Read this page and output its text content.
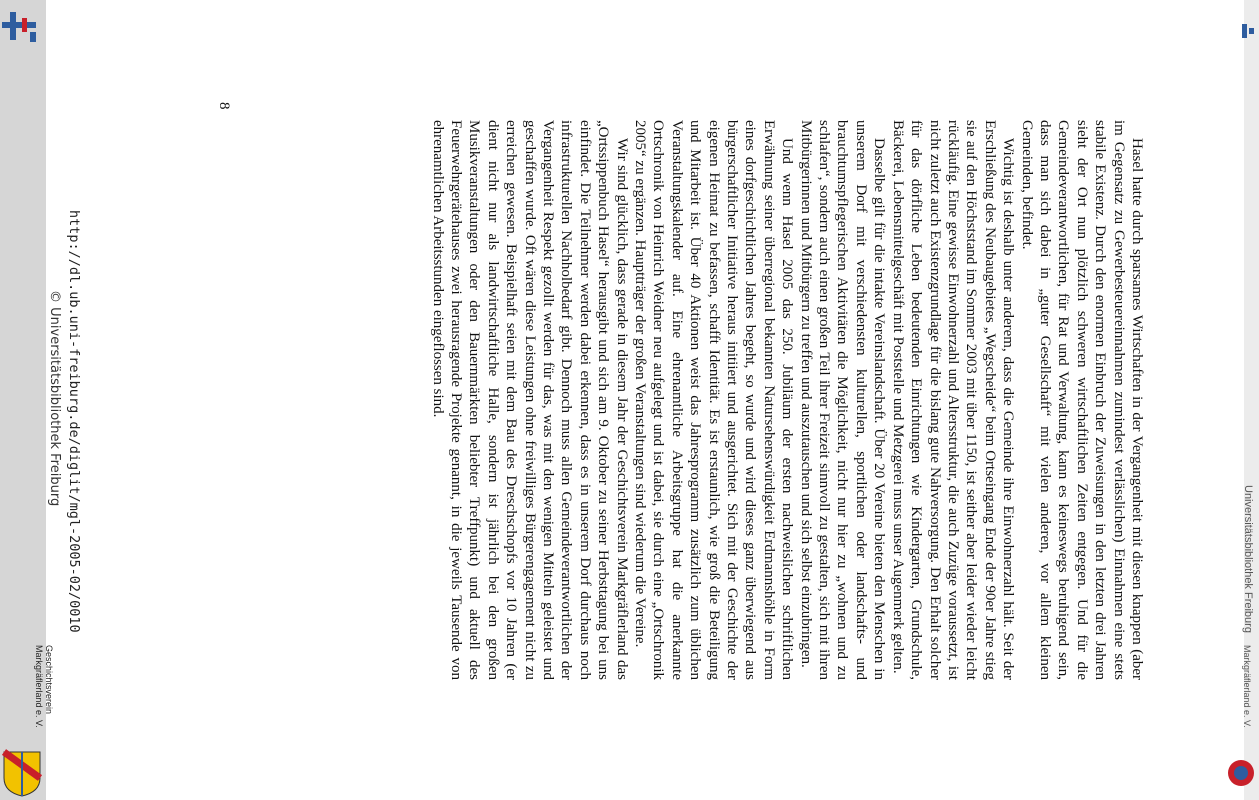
Hasel hatte durch sparsames Wirtschaften in der Vergangenheit mit diesen knappen (aber im Gegensatz zu Gewerbesteuereinnahmen zumindest verlässlichen) Einnahmen eine stets stabile Existenz. Durch den enormen Einbruch der Zuweisungen in den letzten drei Jahren sieht der Ort nun plötzlich schweren wirtschaftlichen Zeiten entgegen. Und für die Gemeindeverantwortlichen, für Rat und Verwaltung, kann es keineswegs beruhigend sein, dass man sich dabei in „guter Gesellschaft“ mit vielen anderen, vor allem kleinen Gemeinden, befindet.

Wichtig ist deshalb unter anderem, dass die Gemeinde ihre Einwohnerzahl hält. Seit der Erschließung des Neubaugebietes „Wegscheide“ beim Ortseingang Ende der 90er Jahre stieg sie auf den Höchststand im Sommer 2003 mit über 1150, ist seither aber leider wieder leicht rückläufig. Eine gewisse Einwohnerzahl und Altersstruktur, die auch Zuzüge voraussetzt, ist nicht zuletzt auch Existenzgrundlage für die bislang gute Nahversorgung. Den Erhalt solcher für das dörfliche Leben bedeutenden Einrichtungen wie Kindergarten, Grundschule, Bäckerei, Lebensmittelgeschäft mit Poststelle und Metzgerei muss unser Augenmerk gelten.

Dasselbe gilt für die intakte Vereinslandschaft. Über 20 Vereine bieten den Menschen in unserem Dorf mit verschiedensten kulturellen, sportlichen oder landschafts- und brauchtumspflegerischen Aktivitäten die Möglichkeit, nicht nur hier zu „wohnen und zu schlafen“, sondern auch einen großen Teil ihrer Freizeit sinnvoll zu gestalten, sich mit ihren Mitbürgerinnen und Mitbürgern zu treffen und auszutauschen und sich selbst einzubringen.

Und wenn Hasel 2005 das 250. Jubiläum der ersten nachweislichen schriftlichen Erwähnung seiner überregional bekannten Natursehenswürdigkeit Erdmannshöhle in Form eines dorfgeschichtlichen Jahres begeht, so wurde und wird dieses ganz überwiegend aus bürgerschaftlicher Initiative heraus initiiert und ausgerichtet. Sich mit der Geschichte der eigenen Heimat zu befassen, schafft Identität. Es ist erstaunlich, wie groß die Beteiligung und Mitarbeit ist. Über 40 Aktionen weist das Jahresprogramm zusätzlich zum üblichen Veranstaltungskalender auf. Eine ehrenamtliche Arbeitsgruppe hat die anerkannte Ortschronik von Heinrich Weidner neu aufgelegt und ist dabei, sie durch eine „Ortschronik 2005“ zu ergänzen. Hauptträger der großen Veranstaltungen sind wiederum die Vereine.

Wir sind glücklich, dass gerade in diesem Jahr der Geschichtsverein Markgräflerland das „Ortssippenbuch Hasel“ herausgibt und sich am 9. Oktober zu seiner Herbsttagung bei uns einfindet. Die Teilnehmer werden dabei erkennen, dass es in unserem Dorf durchaus noch infrastrukturellen Nachholbedarf gibt. Dennoch muss allen Gemeindeverantwortlichen der Vergangenheit Respekt gezollt werden für das, was mit den wenigen Mitteln geleistet und geschaffen wurde. Oft wären diese Leistungen ohne freiwilliges Bürgerengagement nicht zu erreichen gewesen. Beispielhaft seien mit dem Bau des Dreschschopfs vor 10 Jahren (er dient nicht nur als landwirtschaftliche Halle, sondern ist jährlich bei den großen Musikveranstaltungen oder den Bauernmärkten beliebter Treffpunkt) und aktuell des Feuerwehrgerätehauses zwei herausragende Projekte genannt, in die jeweils Tausende von ehrenamtlichen Arbeitsstunden eingeflossen sind.

8
http://dl.ub.uni-freiburg.de/diglit/mgl-2005-02/0010
© Universitätsbibliothek Freiburg
Geschichtsverein
Markgräflerland e. V.
Universitätsbibliothek Freiburg
Markgräflerland e. V.
